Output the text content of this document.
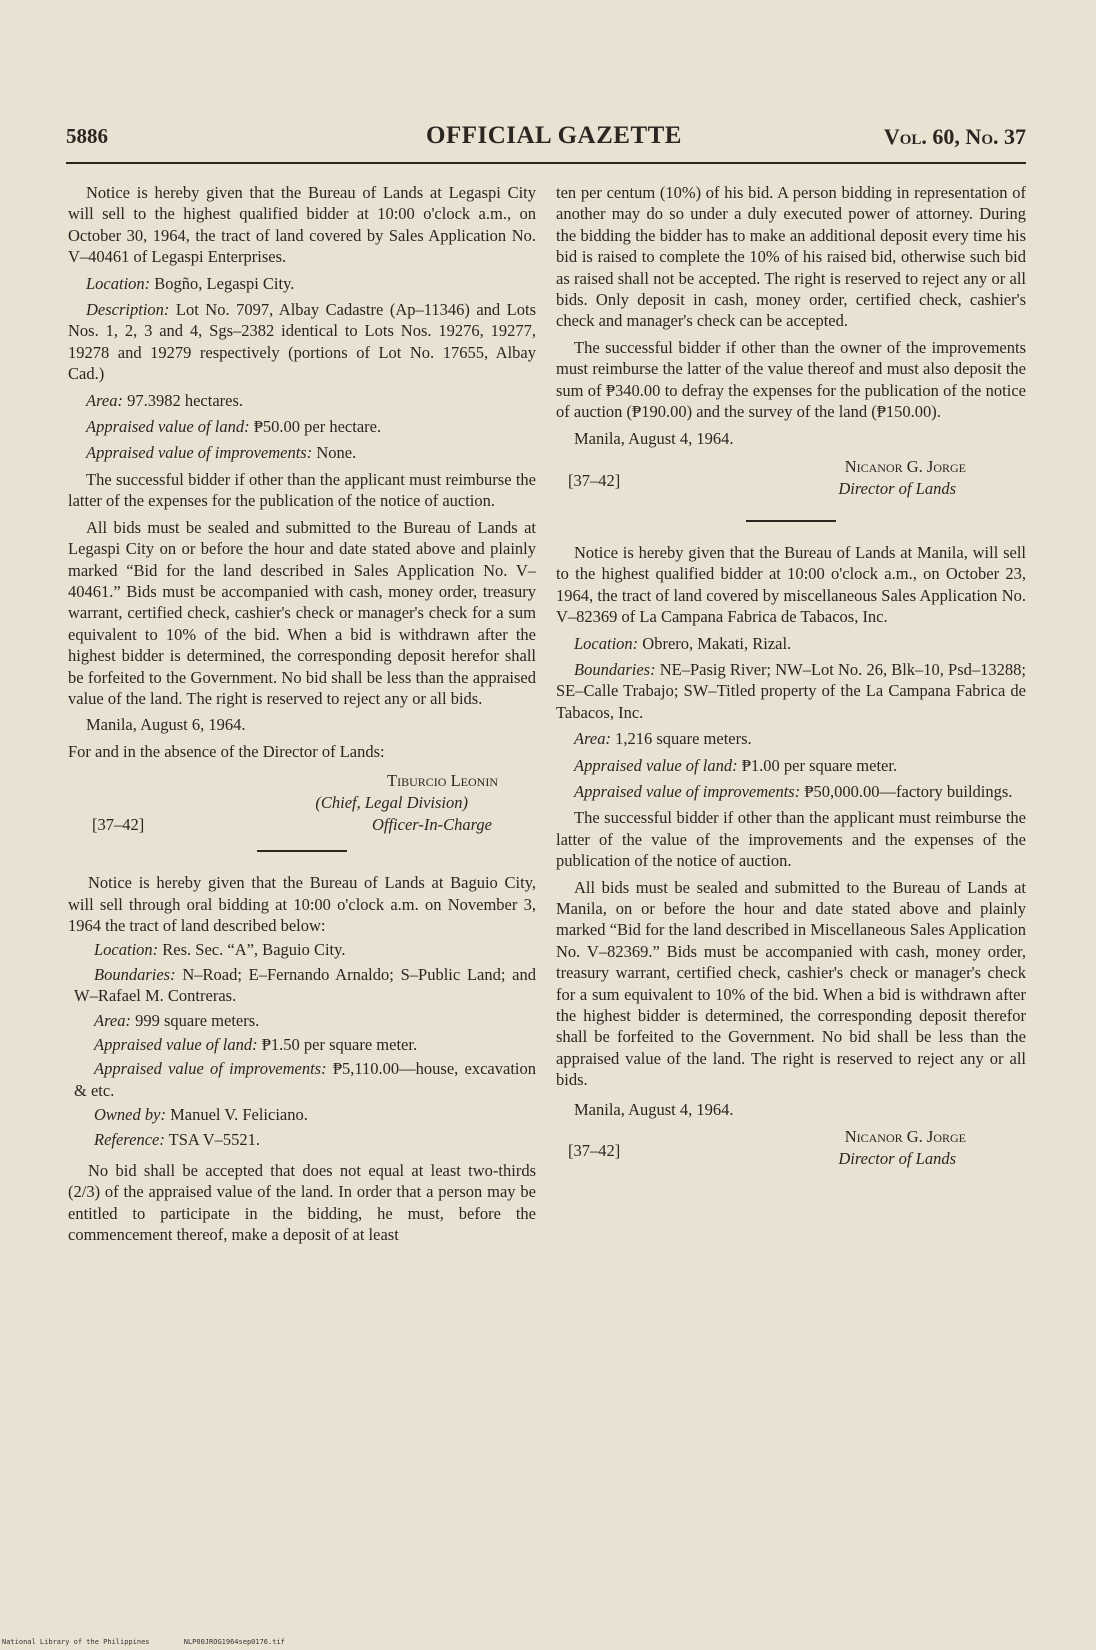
5886	OFFICIAL GAZETTE	Vol. 60, No. 37

Notice is hereby given that the Bureau of Lands at Legaspi City will sell to the highest qualified bidder at 10:00 o'clock a.m., on October 30, 1964, the tract of land covered by Sales Application No. V–40461 of Legaspi Enterprises.

Location: Bogño, Legaspi City.

Description: Lot No. 7097, Albay Cadastre (Ap–11346) and Lots Nos. 1, 2, 3 and 4, Sgs–2382 identical to Lots Nos. 19276, 19277, 19278 and 19279 respectively (portions of Lot No. 17655, Albay Cad.)

Area: 97.3982 hectares.

Appraised value of land: ₱50.00 per hectare.

Appraised value of improvements: None.

The successful bidder if other than the applicant must reimburse the latter of the expenses for the publication of the notice of auction.

All bids must be sealed and submitted to the Bureau of Lands at Legaspi City on or before the hour and date stated above and plainly marked “Bid for the land described in Sales Application No. V–40461.” Bids must be accompanied with cash, money order, treasury warrant, certified check, cashier's check or manager's check for a sum equivalent to 10% of the bid. When a bid is withdrawn after the highest bidder is determined, the corresponding deposit herefor shall be forfeited to the Government. No bid shall be less than the appraised value of the land. The right is reserved to reject any or all bids.

Manila, August 6, 1964.

For and in the absence of the Director of Lands:

Tiburcio Leonin
(Chief, Legal Division)
Officer-In-Charge
[37–42]

Notice is hereby given that the Bureau of Lands at Baguio City, will sell through oral bidding at 10:00 o'clock a.m. on November 3, 1964 the tract of land described below:

Location: Res. Sec. “A”, Baguio City.

Boundaries: N–Road; E–Fernando Arnaldo; S–Public Land; and W–Rafael M. Contreras.

Area: 999 square meters.

Appraised value of land: ₱1.50 per square meter.

Appraised value of improvements: ₱5,110.00—house, excavation & etc.

Owned by: Manuel V. Feliciano.

Reference: TSA V–5521.

No bid shall be accepted that does not equal at least two-thirds (2/3) of the appraised value of the land. In order that a person may be entitled to participate in the bidding, he must, before the commencement thereof, make a deposit of at least

ten per centum (10%) of his bid. A person bidding in representation of another may do so under a duly executed power of attorney. During the bidding the bidder has to make an additional deposit every time his bid is raised to complete the 10% of his raised bid, otherwise such bid as raised shall not be accepted. The right is reserved to reject any or all bids. Only deposit in cash, money order, certified check, cashier's check and manager's check can be accepted.

The successful bidder if other than the owner of the improvements must reimburse the latter of the value thereof and must also deposit the sum of ₱340.00 to defray the expenses for the publication of the notice of auction (₱190.00) and the survey of the land (₱150.00).

Manila, August 4, 1964.

Nicanor G. Jorge
Director of Lands
[37–42]

Notice is hereby given that the Bureau of Lands at Manila, will sell to the highest qualified bidder at 10:00 o'clock a.m., on October 23, 1964, the tract of land covered by miscellaneous Sales Application No. V–82369 of La Campana Fabrica de Tabacos, Inc.

Location: Obrero, Makati, Rizal.

Boundaries: NE–Pasig River; NW–Lot No. 26, Blk–10, Psd–13288; SE–Calle Trabajo; SW–Titled property of the La Campana Fabrica de Tabacos, Inc.

Area: 1,216 square meters.

Appraised value of land: ₱1.00 per square meter.

Appraised value of improvements: ₱50,000.00—factory buildings.

The successful bidder if other than the applicant must reimburse the latter of the value of the improvements and the expenses of the publication of the notice of auction.

All bids must be sealed and submitted to the Bureau of Lands at Manila, on or before the hour and date stated above and plainly marked “Bid for the land described in Miscellaneous Sales Application No. V–82369.” Bids must be accompanied with cash, money order, treasury warrant, certified check, cashier's check or manager's check for a sum equivalent to 10% of the bid. When a bid is withdrawn after the highest bidder is determined, the corresponding deposit therefor shall be forfeited to the Government. No bid shall be less than the appraised value of the land. The right is reserved to reject any or all bids.

Manila, August 4, 1964.

Nicanor G. Jorge
Director of Lands
[37–42]
National Library of the Philippines	NLP00JROG1964sep0176.tif
